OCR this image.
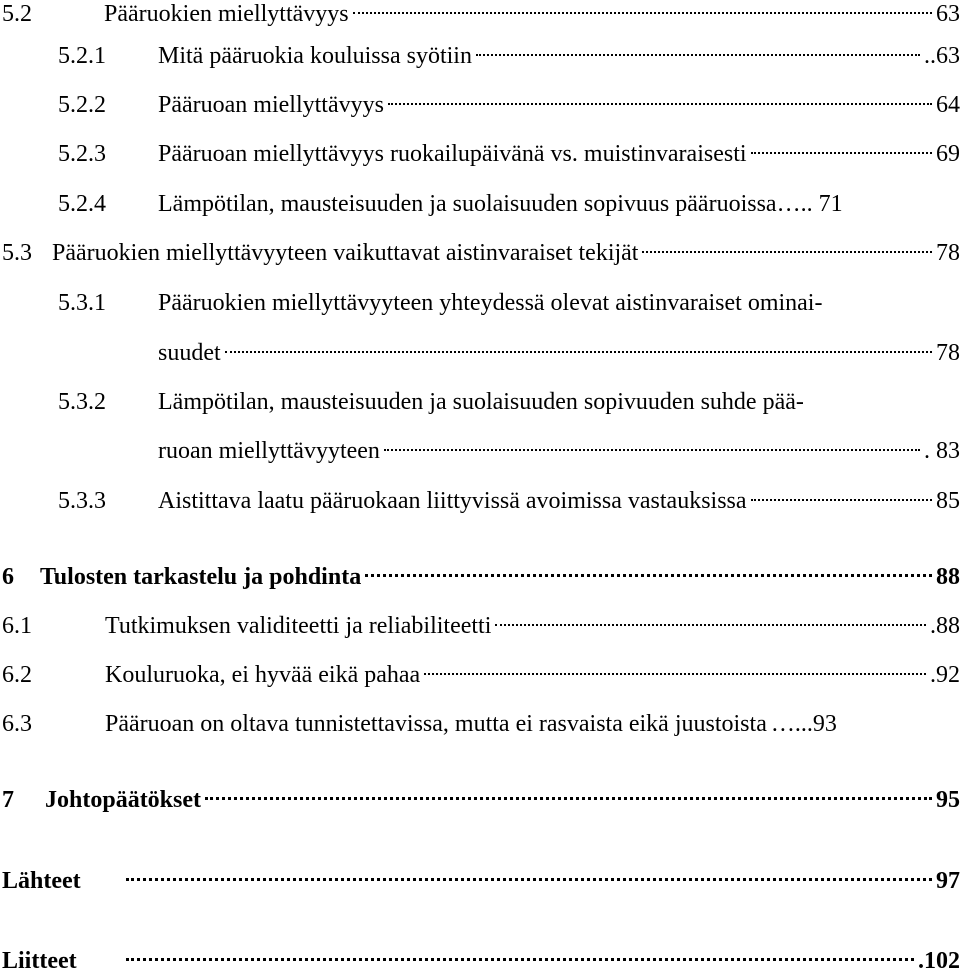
5.2	Pääruokien miellyttävyys	63
5.2.1	Mitä pääruokia kouluissa syötiin	..63
5.2.2	Pääruoan miellyttävyys	64
5.2.3	Pääruoan miellyttävyys ruokailupäivänä vs. muistinvaraisesti	69
5.2.4	Lämpötilan, mausteisuuden ja suolaisuuden sopivuus pääruoissa… .. 71
5.3 Pääruokien miellyttävyyteen vaikuttavat aistinvaraiset tekijät	78
5.3.1	Pääruokien miellyttävyyteen yhteydessä olevat aistinvaraiset ominai-
suudet	78
5.3.2	Lämpötilan, mausteisuuden ja suolaisuuden sopivuuden suhde pää-
ruoan miellyttävyyteen	. 83
5.3.3	Aistittava laatu pääruokaan liittyvissä avoimissa vastauksissa	85
6	Tulosten tarkastelu ja pohdinta	88
6.1	Tutkimuksen validiteetti ja reliabiliteetti	.88
6.2	Kouluruoka, ei hyvää eikä pahaa	.92
6.3	Pääruoan on oltava tunnistettavissa, mutta ei rasvaista eikä juustoista …...93
7	Johtopäätökset	95
Lähteet	97
Liitteet	.102
